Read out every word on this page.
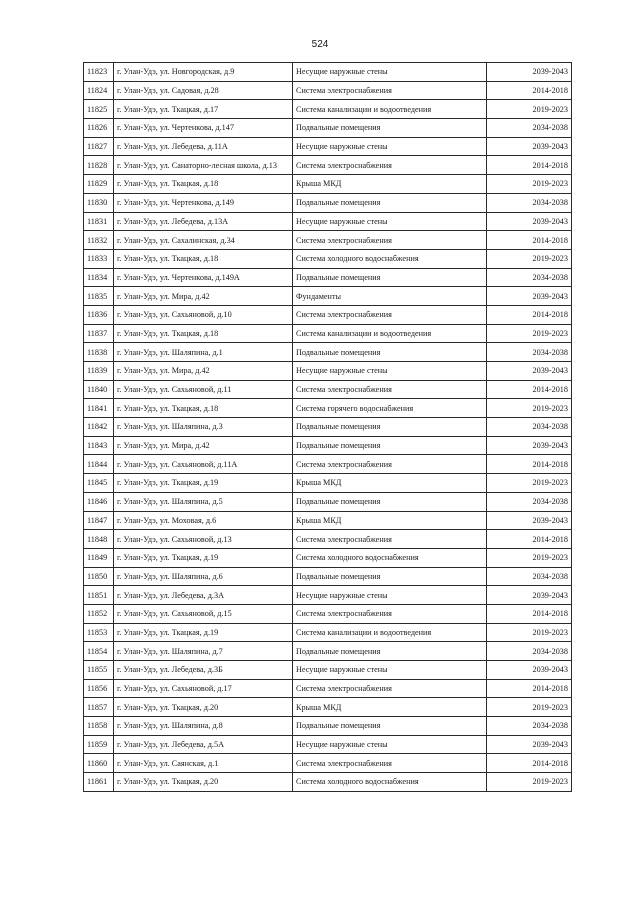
524
11823	г. Улан-Удэ, ул. Новгородская, д.9	Несущие наружные стены	2039-2043
11824	г. Улан-Удэ, ул. Садовая, д.28	Система электроснабжения	2014-2018
11825	г. Улан-Удэ, ул. Ткацкая, д.17	Система канализации и водоотведения	2019-2023
11826	г. Улан-Удэ, ул. Чертенкова, д.147	Подвальные помещения	2034-2038
11827	г. Улан-Удэ, ул. Лебедева, д.11А	Несущие наружные стены	2039-2043
11828	г. Улан-Удэ, ул. Санаторно-лесная школа, д.13	Система электроснабжения	2014-2018
11829	г. Улан-Удэ, ул. Ткацкая, д.18	Крыша МКД	2019-2023
11830	г. Улан-Удэ, ул. Чертенкова, д.149	Подвальные помещения	2034-2038
11831	г. Улан-Удэ, ул. Лебедева, д.13А	Несущие наружные стены	2039-2043
11832	г. Улан-Удэ, ул. Сахалинская, д.34	Система электроснабжения	2014-2018
11833	г. Улан-Удэ, ул. Ткацкая, д.18	Система холодного водоснабжения	2019-2023
11834	г. Улан-Удэ, ул. Чертенкова, д.149А	Подвальные помещения	2034-2038
11835	г. Улан-Удэ, ул. Мира, д.42	Фундаменты	2039-2043
11836	г. Улан-Удэ, ул. Сахьяновой, д.10	Система электроснабжения	2014-2018
11837	г. Улан-Удэ, ул. Ткацкая, д.18	Система канализации и водоотведения	2019-2023
11838	г. Улан-Удэ, ул. Шаляпина, д.1	Подвальные помещения	2034-2038
11839	г. Улан-Удэ, ул. Мира, д.42	Несущие наружные стены	2039-2043
11840	г. Улан-Удэ, ул. Сахьяновой, д.11	Система электроснабжения	2014-2018
11841	г. Улан-Удэ, ул. Ткацкая, д.18	Система горячего водоснабжения	2019-2023
11842	г. Улан-Удэ, ул. Шаляпина, д.3	Подвальные помещения	2034-2038
11843	г. Улан-Удэ, ул. Мира, д.42	Подвальные помещения	2039-2043
11844	г. Улан-Удэ, ул. Сахьяновой, д.11А	Система электроснабжения	2014-2018
11845	г. Улан-Удэ, ул. Ткацкая, д.19	Крыша МКД	2019-2023
11846	г. Улан-Удэ, ул. Шаляпина, д.5	Подвальные помещения	2034-2038
11847	г. Улан-Удэ, ул. Моховая, д.6	Крыша МКД	2039-2043
11848	г. Улан-Удэ, ул. Сахьяновой, д.13	Система электроснабжения	2014-2018
11849	г. Улан-Удэ, ул. Ткацкая, д.19	Система холодного водоснабжения	2019-2023
11850	г. Улан-Удэ, ул. Шаляпина, д.6	Подвальные помещения	2034-2038
11851	г. Улан-Удэ, ул. Лебедева, д.3А	Несущие наружные стены	2039-2043
11852	г. Улан-Удэ, ул. Сахьяновой, д.15	Система электроснабжения	2014-2018
11853	г. Улан-Удэ, ул. Ткацкая, д.19	Система канализации и водоотведения	2019-2023
11854	г. Улан-Удэ, ул. Шаляпина, д.7	Подвальные помещения	2034-2038
11855	г. Улан-Удэ, ул. Лебедева, д.3Б	Несущие наружные стены	2039-2043
11856	г. Улан-Удэ, ул. Сахьяновой, д.17	Система электроснабжения	2014-2018
11857	г. Улан-Удэ, ул. Ткацкая, д.20	Крыша МКД	2019-2023
11858	г. Улан-Удэ, ул. Шаляпина, д.8	Подвальные помещения	2034-2038
11859	г. Улан-Удэ, ул. Лебедева, д.5А	Несущие наружные стены	2039-2043
11860	г. Улан-Удэ, ул. Саянская, д.1	Система электроснабжения	2014-2018
11861	г. Улан-Удэ, ул. Ткацкая, д.20	Система холодного водоснабжения	2019-2023
